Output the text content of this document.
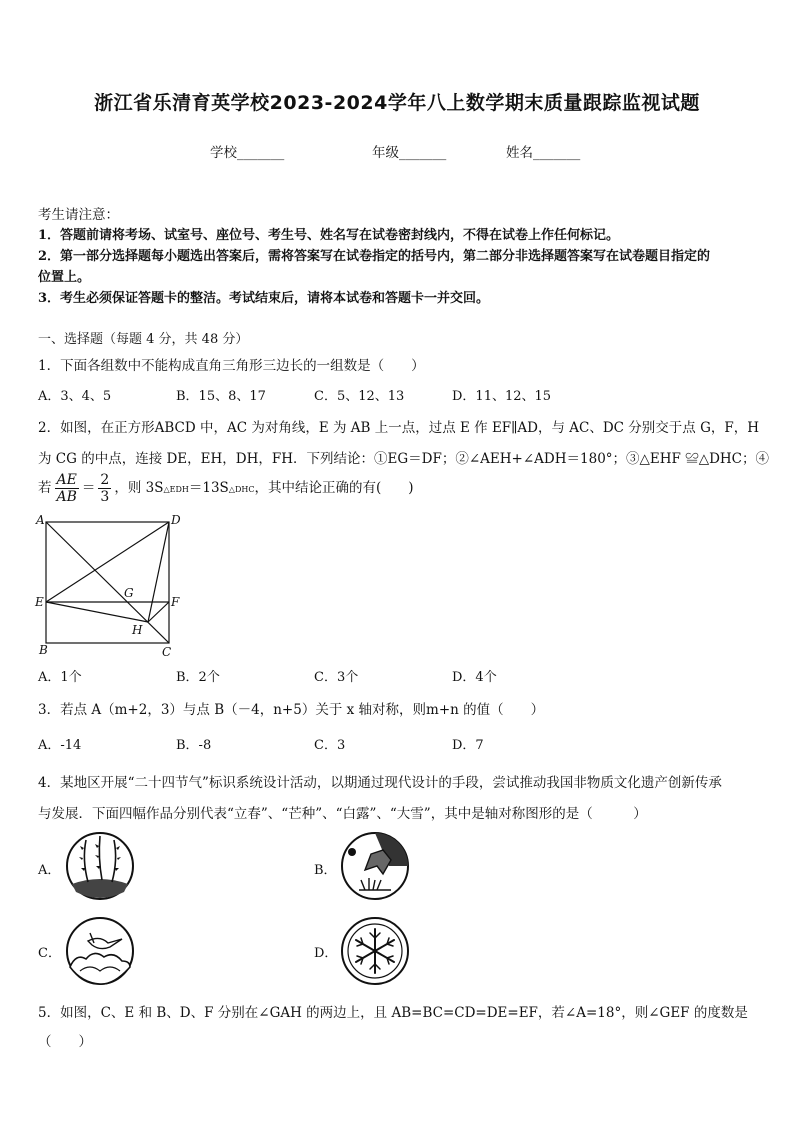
浙江省乐清育英学校2023-2024学年八上数学期末质量跟踪监视试题
学校_______	年级_______	姓名_______
考生请注意：
1．答题前请将考场、试室号、座位号、考生号、姓名写在试卷密封线内，不得在试卷上作任何标记。
2．第一部分选择题每小题选出答案后，需将答案写在试卷指定的括号内，第二部分非选择题答案写在试卷题目指定的
位置上。
3．考生必须保证答题卡的整洁。考试结束后，请将本试卷和答题卡一并交回。
一、选择题（每题 4 分，共 48 分）
1．下面各组数中不能构成直角三角形三边长的一组数是（　　）
A．3、4、5	B．15、8、17	C．5、12、13	D．11、12、15
2．如图，在正方形ABCD 中，AC 为对角线，E 为 AB 上一点，过点 E 作 EF∥AD，与 AC、DC 分别交于点 G，F，H
为 CG 的中点，连接 DE，EH，DH，FH．下列结论：①EG＝DF；②∠AEH+∠ADH＝180°；③△EHF ≌△DHC；④
若 $\frac{AE}{AB} = \frac{2}{3}$ ，则 3S△EDH＝13S△DHC，其中结论正确的有(　　)
A	D
E
G
F
H
B	C
A．1个	B．2个	C．3个	D．4个
3．若点 A（m+2，3）与点 B（－4，n+5）关于 x 轴对称，则m+n 的值（　　）
A．-14	B．-8	C．3	D．7
4．某地区开展“二十四节气”标识系统设计活动，以期通过现代设计的手段，尝试推动我国非物质文化遗产创新传承
与发展．下面四幅作品分别代表“立春”、“芒种”、“白露”、“大雪”，其中是轴对称图形的是（　　　）
A．	B．
C．	D．
5．如图，C、E 和 B、D、F 分别在∠GAH 的两边上，且 AB=BC=CD=DE=EF，若∠A=18°，则∠GEF 的度数是
（　　）
